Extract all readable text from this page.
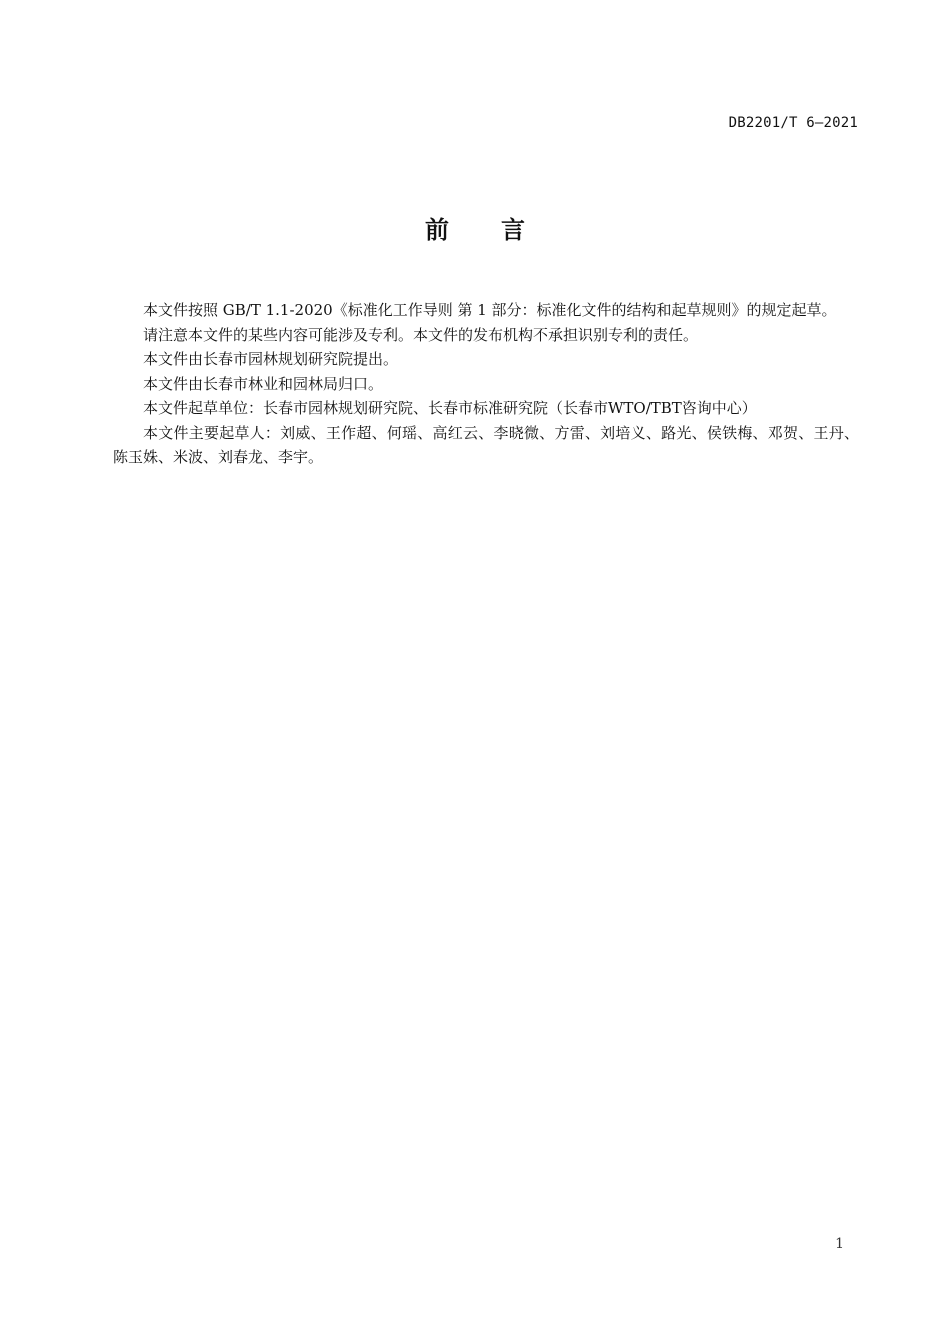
DB2201/T 6—2021
前言

本文件按照 GB/T 1.1-2020《标准化工作导则 第 1 部分：标准化文件的结构和起草规则》的规定起草。

请注意本文件的某些内容可能涉及专利。本文件的发布机构不承担识别专利的责任。

本文件由长春市园林规划研究院提出。

本文件由长春市林业和园林局归口。

本文件起草单位：长春市园林规划研究院、长春市标准研究院（长春市WTO/TBT咨询中心）

本文件主要起草人：刘威、王作超、何瑶、高红云、李晓微、方雷、刘培义、路光、侯铁梅、邓贺、王丹、陈玉姝、米波、刘春龙、李宇。

1
